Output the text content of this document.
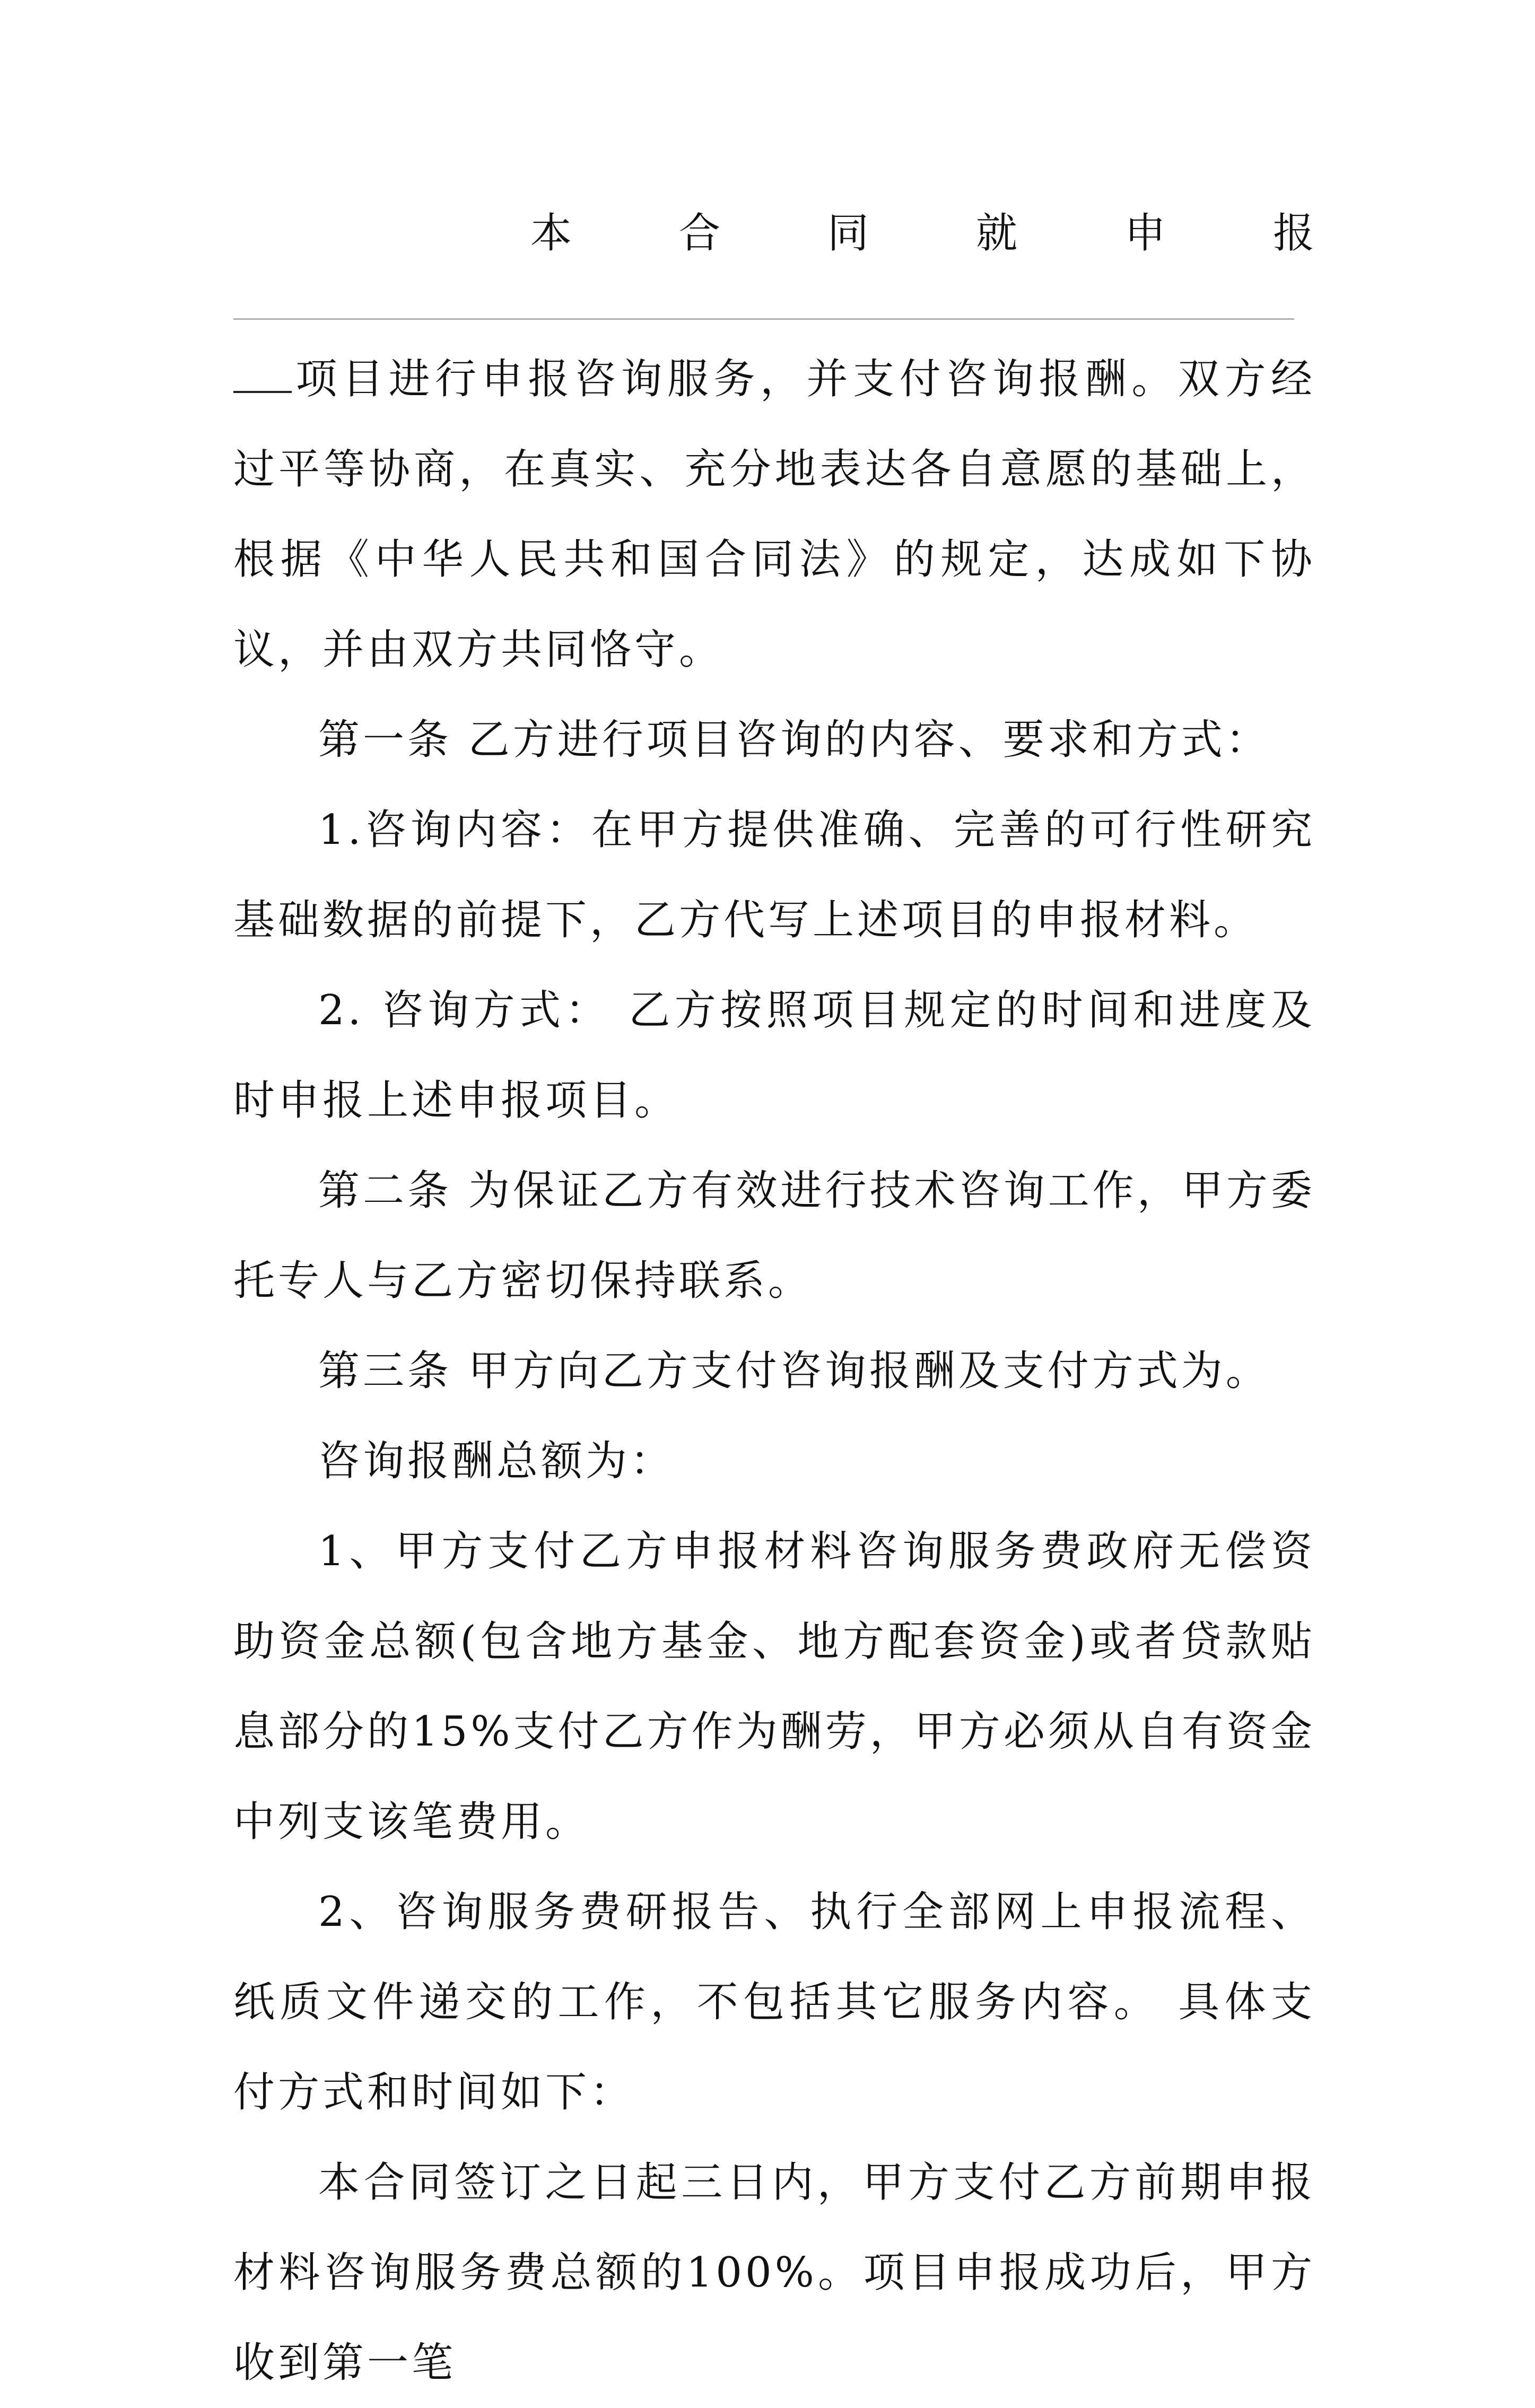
本	合	同	就	申	报

项目进行申报咨询服务，并支付咨询报酬。双方经过平等协商，在真实、充分地表达各自意愿的基础上，根据《中华人民共和国合同法》的规定，达成如下协议，并由双方共同恪守。

第一条 乙方进行项目咨询的内容、要求和方式：

1.咨询内容：在甲方提供准确、完善的可行性研究基础数据的前提下，乙方代写上述项目的申报材料。

2. 咨询方式： 乙方按照项目规定的时间和进度及时申报上述申报项目。

第二条 为保证乙方有效进行技术咨询工作，甲方委托专人与乙方密切保持联系。

第三条 甲方向乙方支付咨询报酬及支付方式为。

咨询报酬总额为：

1、甲方支付乙方申报材料咨询服务费政府无偿资助资金总额(包含地方基金、地方配套资金)或者贷款贴息部分的15%支付乙方作为酬劳，甲方必须从自有资金中列支该笔费用。

2、咨询服务费研报告、执行全部网上申报流程、纸质文件递交的工作，不包括其它服务内容。 具体支付方式和时间如下：

本合同签订之日起三日内，甲方支付乙方前期申报材料咨询服务费总额的100%。项目申报成功后，甲方收到第一笔
